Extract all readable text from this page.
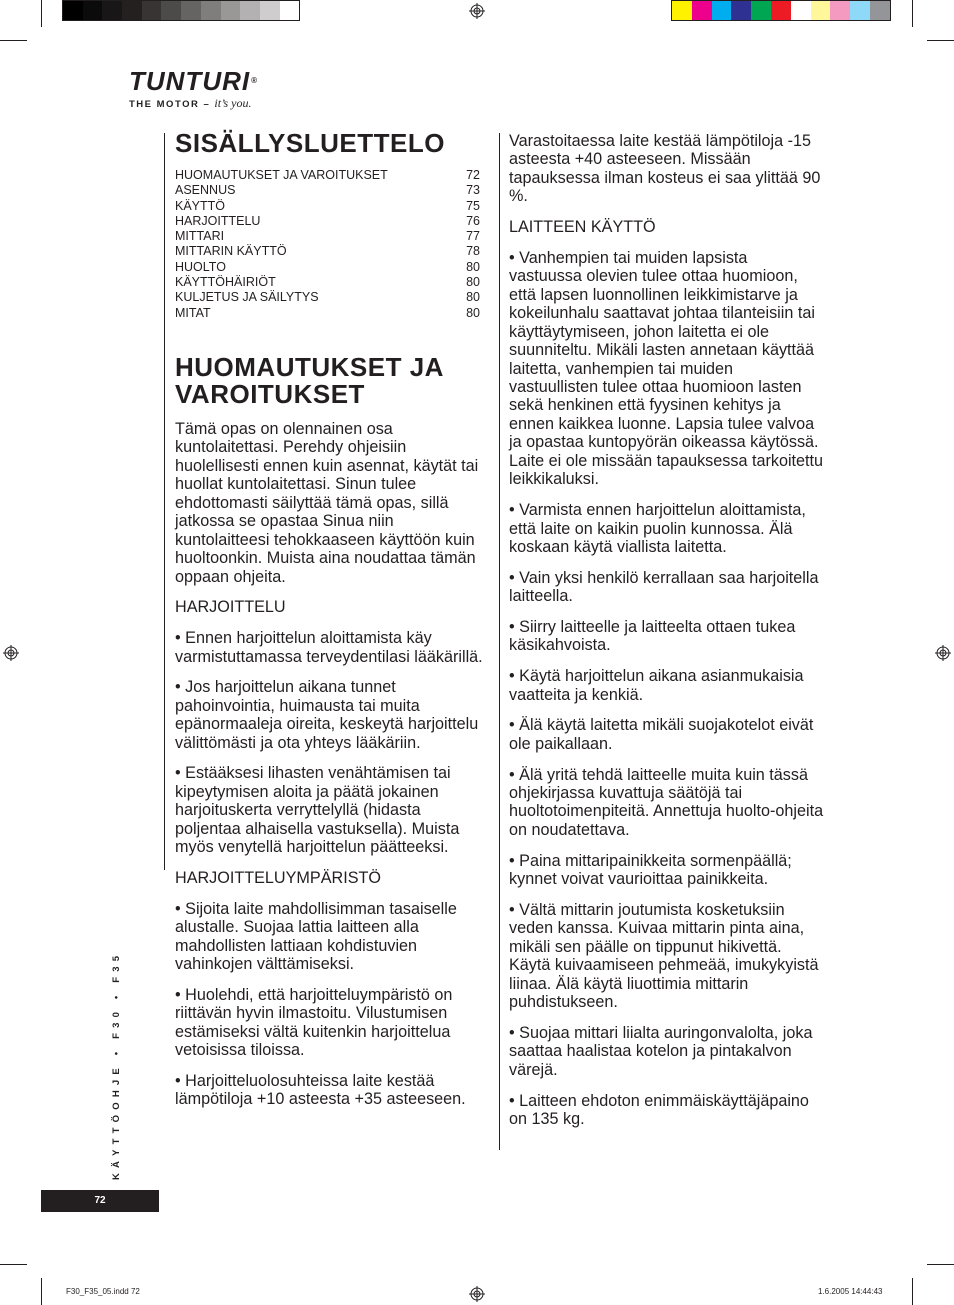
TUNTURI®
THE MOTOR – it’s you.
SISÄLLYSLUETTELO
HUOMAUTUKSET JA VAROITUKSET	72
ASENNUS	73
KÄYTTÖ	75
HARJOITTELU	76
MITTARI	77
MITTARIN KÄYTTÖ	78
HUOLTO	80
KÄYTTÖHÄIRIÖT	80
KULJETUS JA SÄILYTYS	80
MITAT	80
HUOMAUTUKSET JA
VAROITUKSET

Tämä opas on olennainen osa kuntolaitettasi. Perehdy ohjeisiin huolellisesti ennen kuin asennat, käytät tai huollat kuntolaitettasi. Sinun tulee ehdottomasti säilyttää tämä opas, sillä jatkossa se opastaa Sinua niin kuntolaitteesi tehokkaaseen käyttöön kuin huoltoonkin. Muista aina noudattaa tämän oppaan ohjeita.

HARJOITTELU

• Ennen harjoittelun aloittamista käy varmistuttamassa terveydentilasi lääkärillä.

• Jos harjoittelun aikana tunnet pahoinvointia, huimausta tai muita epänormaaleja oireita, keskeytä harjoittelu välittömästi ja ota yhteys lääkäriin.

• Estääksesi lihasten venähtämisen tai kipeytymisen aloita ja päätä jokainen harjoituskerta verryttelyllä (hidasta poljentaa alhaisella vastuksella). Muista myös venytellä harjoittelun päätteeksi.

HARJOITTELUYMPÄRISTÖ

• Sijoita laite mahdollisimman tasaiselle alustalle. Suojaa lattia laitteen alla mahdollisten lattiaan kohdistuvien vahinkojen välttämiseksi.

• Huolehdi, että harjoitteluympäristö on riittävän hyvin ilmastoitu. Vilustumisen estämiseksi vältä kuitenkin harjoittelua vetoisissa tiloissa.

• Harjoitteluolosuhteissa laite kestää lämpötiloja +10 asteesta +35 asteeseen.

Varastoitaessa laite kestää lämpötiloja -15 asteesta +40 asteeseen. Missään tapauksessa ilman kosteus ei saa ylittää 90 %.

LAITTEEN KÄYTTÖ

• Vanhempien tai muiden lapsista vastuussa olevien tulee ottaa huomioon, että lapsen luonnollinen leikkimistarve ja kokeilunhalu saattavat johtaa tilanteisiin tai käyttäytymiseen, johon laitetta ei ole suunniteltu. Mikäli lasten annetaan käyttää laitetta, vanhempien tai muiden vastuullisten tulee ottaa huomioon lasten sekä henkinen että fyysinen kehitys ja ennen kaikkea luonne. Lapsia tulee valvoa ja opastaa kuntopyörän oikeassa käytössä. Laite ei ole missään tapauksessa tarkoitettu leikkikaluksi.

• Varmista ennen harjoittelun aloittamista, että laite on kaikin puolin kunnossa. Älä koskaan käytä viallista laitetta.

• Vain yksi henkilö kerrallaan saa harjoitella laitteella.

• Siirry laitteelle ja laitteelta ottaen tukea käsikahvoista.

• Käytä harjoittelun aikana asianmukaisia vaatteita ja kenkiä.

• Älä käytä laitetta mikäli suojakotelot eivät ole paikallaan.

• Älä yritä tehdä laitteelle muita kuin tässä ohjekirjassa kuvattuja säätöjä tai huoltotoimenpiteitä. Annettuja huolto-ohjeita on noudatettava.

• Paina mittaripainikkeita sormenpäällä; kynnet voivat vaurioittaa painikkeita.

• Vältä mittarin joutumista kosketuksiin veden kanssa. Kuivaa mittarin pinta aina, mikäli sen päälle on tippunut hikivettä. Käytä kuivaamiseen pehmeää, imukykyistä liinaa. Älä käytä liuottimia mittarin puhdistukseen.

• Suojaa mittari liialta auringonvalolta, joka saattaa haalistaa kotelon ja pintakalvon värejä.

• Laitteen ehdoton enimmäiskäyttäjäpaino on 135 kg.

KÄYTTÖOHJE • F30 • F35
72
F30_F35_05.indd 72	1.6.2005 14:44:43
